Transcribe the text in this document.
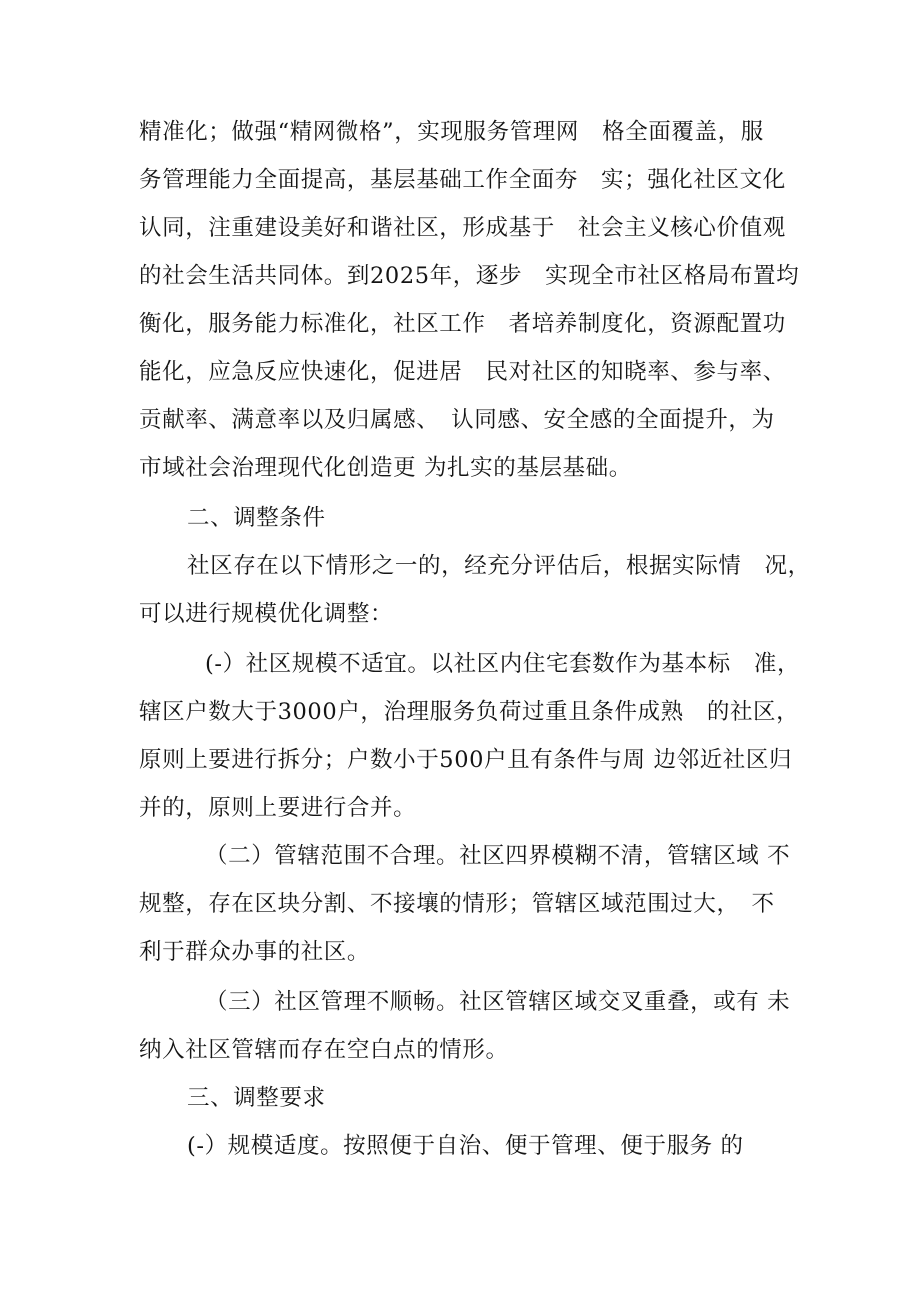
精准化；做强“精网微格”，实现服务管理网　格全面覆盖，服
务管理能力全面提高，基层基础工作全面夯　实；强化社区文化
认同，注重建设美好和谐社区，形成基于　社会主义核心价值观
的社会生活共同体。到2025年，逐步　实现全市社区格局布置均
衡化，服务能力标准化，社区工作　者培养制度化，资源配置功
能化，应急反应快速化，促进居　民对社区的知晓率、参与率、
贡献率、满意率以及归属感、　认同感、安全感的全面提升，为
市域社会治理现代化创造更 为扎实的基层基础。
二、调整条件
社区存在以下情形之一的，经充分评估后，根据实际情　况，
可以进行规模优化调整：
(-）社区规模不适宜。以社区内住宅套数作为基本标　准，
辖区户数大于3000户，治理服务负荷过重且条件成熟　的社区，
原则上要进行拆分；户数小于500户且有条件与周 边邻近社区归
并的，原则上要进行合并。
（二）管辖范围不合理。社区四界模糊不清，管辖区域 不
规整，存在区块分割、不接壤的情形；管辖区域范围过大，　不
利于群众办事的社区。
（三）社区管理不顺畅。社区管辖区域交叉重叠，或有 未
纳入社区管辖而存在空白点的情形。
三、调整要求
(-）规模适度。按照便于自治、便于管理、便于服务 的
